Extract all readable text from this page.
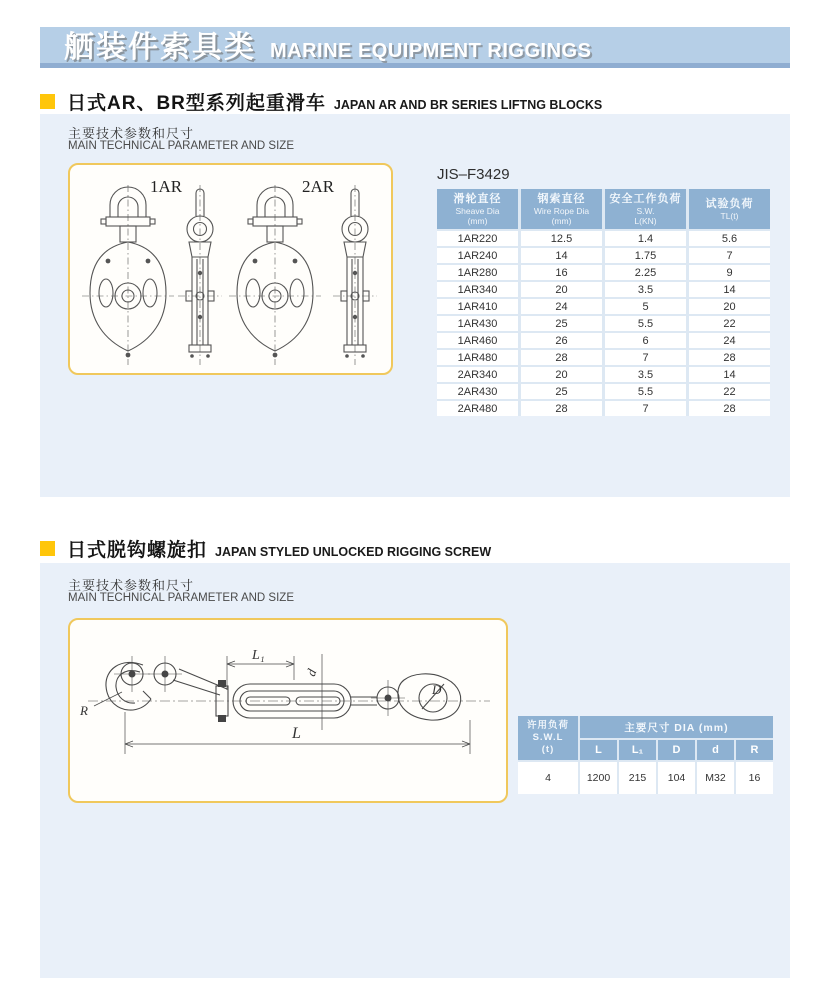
舾装件索具类 MARINE EQUIPMENT RIGGINGS
日式AR、BR型系列起重滑车 JAPAN AR AND BR SERIES LIFTNG BLOCKS
主要技术参数和尺寸
MAIN TECHNICAL PARAMETER AND SIZE
1AR	2AR
JIS–F3429
滑轮直径
Sheave Dia
(mm)
钢索直径
Wire Rope Dia
(mm)
安全工作负荷
S.W.
L(KN)
试验负荷
TL(t)
1AR220	12.5	1.4	5.6
1AR240	14	1.75	7
1AR280	16	2.25	9
1AR340	20	3.5	14
1AR410	24	5	20
1AR430	25	5.5	22
1AR460	26	6	24
1AR480	28	7	28
2AR340	20	3.5	14
2AR430	25	5.5	22
2AR480	28	7	28
日式脱钩螺旋扣 JAPAN STYLED UNLOCKED RIGGING SCREW
主要技术参数和尺寸
MAIN TECHNICAL PARAMETER AND SIZE
D
L₁
d
L
R
许用负荷
S.W.L
(t)
主要尺寸 DIA (mm)
L	L₁	D	d	R
4	1200	215	104	M32	16
